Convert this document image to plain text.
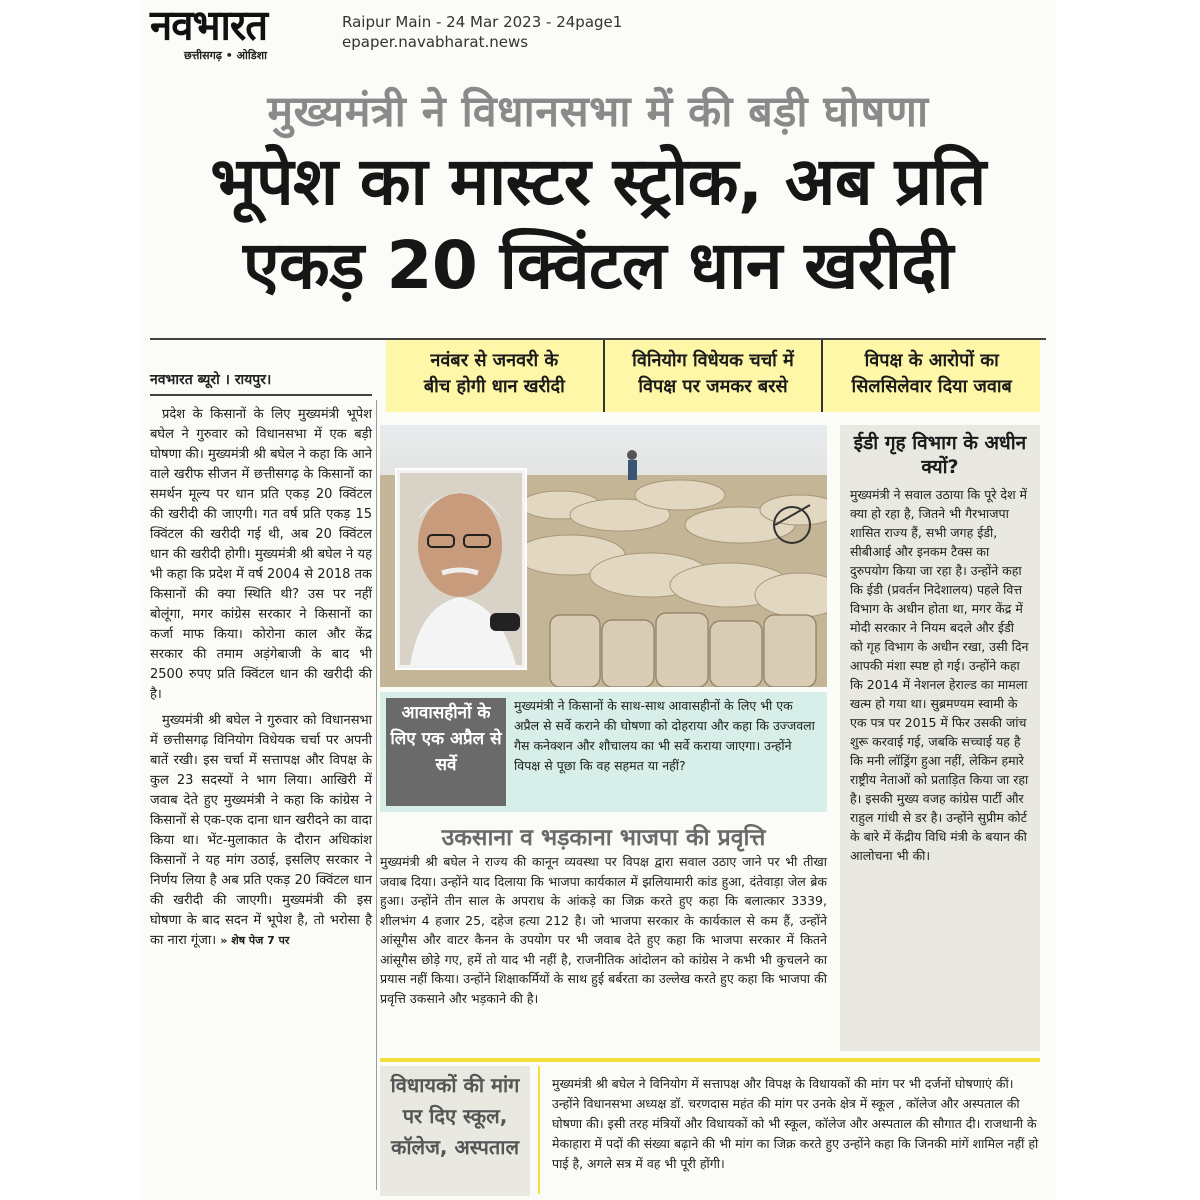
नवभारत
छत्तीसगढ़ • ओडिशा
Raipur Main - 24 Mar 2023 - 24page1
epaper.navabharat.news
मुख्यमंत्री ने विधानसभा में की बड़ी घोषणा
भूपेश का मास्टर स्ट्रोक, अब प्रति
एकड़ 20 क्विंटल धान खरीदी
नवभारत ब्यूरो । रायपुर।

प्रदेश के किसानों के लिए मुख्यमंत्री भूपेश बघेल ने गुरुवार को विधानसभा में एक बड़ी घोषणा की। मुख्यमंत्री श्री बघेल ने कहा कि आने वाले खरीफ सीजन में छत्तीसगढ़ के किसानों का समर्थन मूल्य पर धान प्रति एकड़ 20 क्विंटल की खरीदी की जाएगी। गत वर्ष प्रति एकड़ 15 क्विंटल की खरीदी गई थी, अब 20 क्विंटल धान की खरीदी होगी। मुख्यमंत्री श्री बघेल ने यह भी कहा कि प्रदेश में वर्ष 2004 से 2018 तक किसानों की क्या स्थिति थी? उस पर नहीं बोलूंगा, मगर कांग्रेस सरकार ने किसानों का कर्जा माफ किया। कोरोना काल और केंद्र सरकार की तमाम अड़ंगेबाजी के बाद भी 2500 रुपए प्रति क्विंटल धान की खरीदी की है।

मुख्यमंत्री श्री बघेल ने गुरुवार को विधानसभा में छत्तीसगढ़ विनियोग विधेयक चर्चा पर अपनी बातें रखी। इस चर्चा में सत्तापक्ष और विपक्ष के कुल 23 सदस्यों ने भाग लिया। आखिरी में जवाब देते हुए मुख्यमंत्री ने कहा कि कांग्रेस ने किसानों से एक-एक दाना धान खरीदने का वादा किया था। भेंट-मुलाकात के दौरान अधिकांश किसानों ने यह मांग उठाई, इसलिए सरकार ने निर्णय लिया है अब प्रति एकड़ 20 क्विंटल धान की खरीदी की जाएगी। मुख्यमंत्री की इस घोषणा के बाद सदन में भूपेश है, तो भरोसा है का नारा गूंजा। » शेष पेज 7 पर

नवंबर से जनवरी के
बीच होगी धान खरीदी
विनियोग विधेयक चर्चा में
विपक्ष पर जमकर बरसे
विपक्ष के आरोपों का
सिलसिलेवार दिया जवाब
ईडी गृह विभाग के अधीन क्यों?
मुख्यमंत्री ने सवाल उठाया कि पूरे देश में क्या हो रहा है, जितने भी गैरभाजपा शासित राज्य हैं, सभी जगह ईडी, सीबीआई और इनकम टैक्स का दुरुपयोग किया जा रहा है। उन्होंने कहा कि ईडी (प्रवर्तन निदेशालय) पहले वित्त विभाग के अधीन होता था, मगर केंद्र में मोदी सरकार ने नियम बदले और ईडी को गृह विभाग के अधीन रखा, उसी दिन आपकी मंशा स्पष्ट हो गई। उन्होंने कहा कि 2014 में नेशनल हेराल्ड का मामला खत्म हो गया था। सुब्रमण्यम स्वामी के एक पत्र पर 2015 में फिर उसकी जांच शुरू करवाई गई, जबकि सच्चाई यह है कि मनी लॉड्रिंग हुआ नहीं, लेकिन हमारे राष्ट्रीय नेताओं को प्रताड़ित किया जा रहा है। इसकी मुख्य वजह कांग्रेस पार्टी और राहुल गांधी से डर है। उन्होंने सुप्रीम कोर्ट के बारे में केंद्रीय विधि मंत्री के बयान की आलोचना भी की।
आवासहीनों के लिए एक अप्रैल से सर्वे
मुख्यमंत्री ने किसानों के साथ-साथ आवासहीनों के लिए भी एक अप्रैल से सर्वे कराने की घोषणा को दोहराया और कहा कि उज्जवला गैस कनेक्शन और शौचालय का भी सर्वे कराया जाएगा। उन्होंने विपक्ष से पूछा कि वह सहमत या नहीं?
उकसाना व भड़काना भाजपा की प्रवृत्ति
मुख्यमंत्री श्री बघेल ने राज्य की कानून व्यवस्था पर विपक्ष द्वारा सवाल उठाए जाने पर भी तीखा जवाब दिया। उन्होंने याद दिलाया कि भाजपा कार्यकाल में झलियामारी कांड हुआ, दंतेवाड़ा जेल ब्रेक हुआ। उन्होंने तीन साल के अपराध के आंकड़े का जिक्र करते हुए कहा कि बलात्कार 3339, शीलभंग 4 हजार 25, दहेज हत्या 212 है। जो भाजपा सरकार के कार्यकाल से कम हैं, उन्होंने आंसूगैस और वाटर कैनन के उपयोग पर भी जवाब देते हुए कहा कि भाजपा सरकार में कितने आंसूगैस छोड़े गए, हमें तो याद भी नहीं है, राजनीतिक आंदोलन को कांग्रेस ने कभी भी कुचलने का प्रयास नहीं किया। उन्होंने शिक्षाकर्मियों के साथ हुई बर्बरता का उल्लेख करते हुए कहा कि भाजपा की प्रवृत्ति उकसाने और भड़काने की है।
विधायकों की मांग पर दिए स्कूल, कॉलेज, अस्पताल
मुख्यमंत्री श्री बघेल ने विनियोग में सत्तापक्ष और विपक्ष के विधायकों की मांग पर भी दर्जनों घोषणाएं कीं। उन्होंने विधानसभा अध्यक्ष डॉ. चरणदास महंत की मांग पर उनके क्षेत्र में स्कूल , कॉलेज और अस्पताल की घोषणा की। इसी तरह मंत्रियों और विधायकों को भी स्कूल, कॉलेज और अस्पताल की सौगात दी। राजधानी के मेकाहारा में पदों की संख्या बढ़ाने की भी मांग का जिक्र करते हुए उन्होंने कहा कि जिनकी मांगें शामिल नहीं हो पाई है, अगले सत्र में वह भी पूरी होंगी।
